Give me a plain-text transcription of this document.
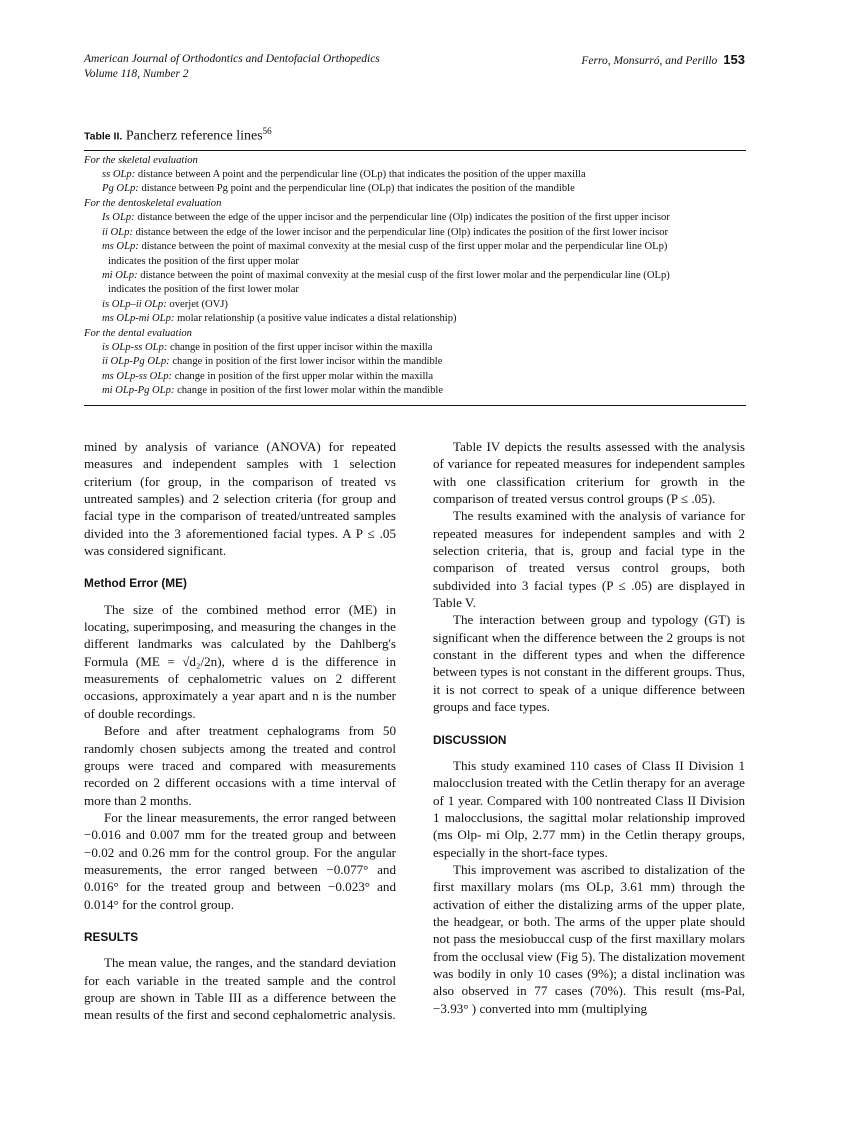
American Journal of Orthodontics and Dentofacial Orthopedics
Volume 118, Number 2
Ferro, Monsurró, and Perillo 153
Table II. Pancherz reference lines$^{56}$
For the skeletal evaluation
ss OLp: distance between A point and the perpendicular line (OLp) that indicates the position of the upper maxilla
Pg OLp: distance between Pg point and the perpendicular line (OLp) that indicates the position of the mandible
For the dentoskeletal evaluation
Is OLp: distance between the edge of the upper incisor and the perpendicular line (Olp) indicates the position of the first upper incisor
ii OLp: distance between the edge of the lower incisor and the perpendicular line (Olp) indicates the position of the first lower incisor
ms OLp: distance between the point of maximal convexity at the mesial cusp of the first upper molar and the perpendicular line OLp)
indicates the position of the first upper molar
mi OLp: distance between the point of maximal convexity at the mesial cusp of the first lower molar and the perpendicular line (OLp)
indicates the position of the first lower molar
is OLp–ii OLp: overjet (OVJ)
ms OLp-mi OLp: molar relationship (a positive value indicates a distal relationship)
For the dental evaluation
is OLp-ss OLp: change in position of the first upper incisor within the maxilla
ii OLp-Pg OLp: change in position of the first lower incisor within the mandible
ms OLp-ss OLp: change in position of the first upper molar within the maxilla
mi OLp-Pg OLp: change in position of the first lower molar within the mandible

mined by analysis of variance (ANOVA) for repeated measures and independent samples with 1 selection criterium (for group, in the comparison of treated vs untreated samples) and 2 selection criteria (for group and facial type in the comparison of treated/untreated samples divided into the 3 aforementioned facial types. A P ≤ .05 was considered significant.

Method Error (ME)

The size of the combined method error (ME) in locating, superimposing, and measuring the changes in the different landmarks was calculated by the Dahlberg's Formula (ME = √d₂/2n), where d is the difference in measurements of cephalometric values on 2 different occasions, approximately a year apart and n is the number of double recordings.

Before and after treatment cephalograms from 50 randomly chosen subjects among the treated and control groups were traced and compared with measurements recorded on 2 different occasions with a time interval of more than 2 months.

For the linear measurements, the error ranged between −0.016 and 0.007 mm for the treated group and between −0.02 and 0.26 mm for the control group. For the angular measurements, the error ranged between −0.077° and 0.016° for the treated group and between −0.023° and 0.014° for the control group.

RESULTS

The mean value, the ranges, and the standard deviation for each variable in the treated sample and the control group are shown in Table III as a difference between the mean results of the first and second cephalometric analysis.

Table IV depicts the results assessed with the analysis of variance for repeated measures for independent samples with one classification criterium for growth in the comparison of treated versus control groups (P ≤ .05).

The results examined with the analysis of variance for repeated measures for independent samples and with 2 selection criteria, that is, group and facial type in the comparison of treated versus control groups, both subdivided into 3 facial types (P ≤ .05) are displayed in Table V.

The interaction between group and typology (GT) is significant when the difference between the 2 groups is not constant in the different types and when the difference between types is not constant in the different groups. Thus, it is not correct to speak of a unique difference between groups and face types.

DISCUSSION

This study examined 110 cases of Class II Division 1 malocclusion treated with the Cetlin therapy for an average of 1 year. Compared with 100 nontreated Class II Division 1 malocclusions, the sagittal molar relationship improved (ms Olp- mi Olp, 2.77 mm) in the Cetlin therapy groups, especially in the short-face types.

This improvement was ascribed to distalization of the first maxillary molars (ms OLp, 3.61 mm) through the activation of either the distalizing arms of the upper plate, the headgear, or both. The arms of the upper plate should not pass the mesiobuccal cusp of the first maxillary molars from the occlusal view (Fig 5). The distalization movement was bodily in only 10 cases (9%); a distal inclination was also observed in 77 cases (70%). This result (ms-Pal, −3.93° ) converted into mm (multiplying
